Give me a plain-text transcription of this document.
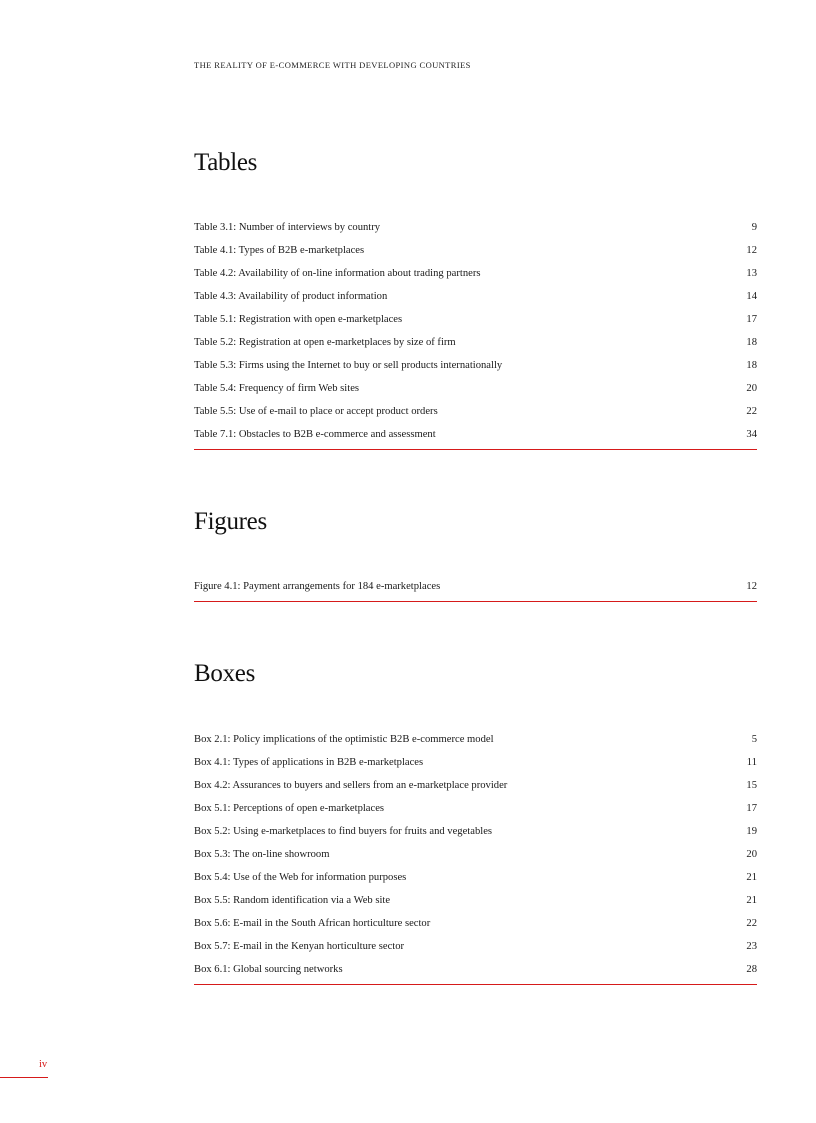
THE REALITY OF E-COMMERCE WITH DEVELOPING COUNTRIES
Tables
Table 3.1: Number of interviews by country	9
Table 4.1: Types of B2B e-marketplaces	12
Table 4.2: Availability of on-line information about trading partners	13
Table 4.3: Availability of product information	14
Table 5.1: Registration with open e-marketplaces	17
Table 5.2: Registration at open e-marketplaces by size of firm	18
Table 5.3: Firms using the Internet to buy or sell products internationally	18
Table 5.4: Frequency of firm Web sites	20
Table 5.5: Use of e-mail to place or accept product orders	22
Table 7.1: Obstacles to B2B e-commerce and assessment	34
Figures
Figure 4.1: Payment arrangements for 184 e-marketplaces	12
Boxes
Box 2.1: Policy implications of the optimistic B2B e-commerce model	5
Box 4.1: Types of applications in B2B e-marketplaces	11
Box 4.2: Assurances to buyers and sellers from an e-marketplace provider	15
Box 5.1: Perceptions of open e-marketplaces	17
Box 5.2: Using e-marketplaces to find buyers for fruits and vegetables	19
Box 5.3: The on-line showroom	20
Box 5.4: Use of the Web for information purposes	21
Box 5.5: Random identification via a Web site	21
Box 5.6: E-mail in the South African horticulture sector	22
Box 5.7: E-mail in the Kenyan horticulture sector	23
Box 6.1: Global sourcing networks	28
iv
